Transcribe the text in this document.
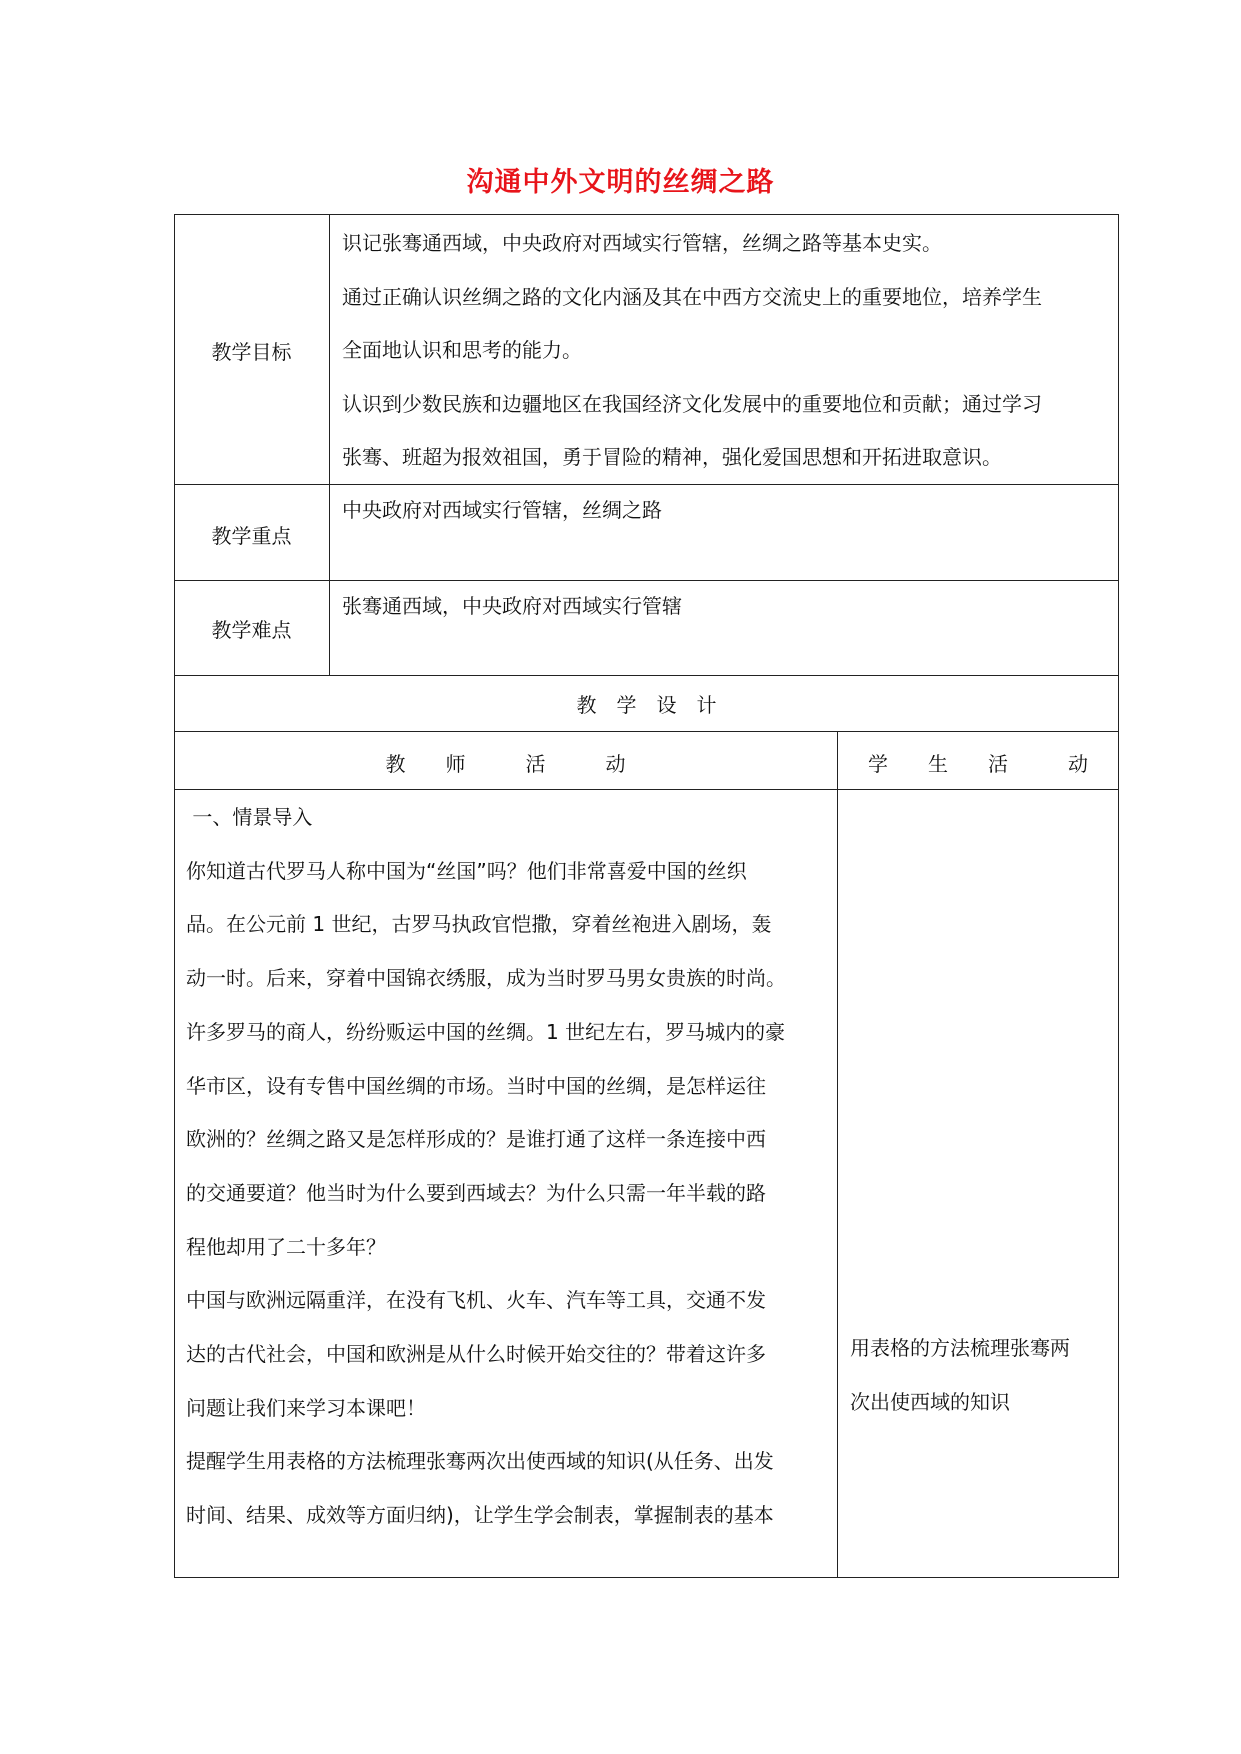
沟通中外文明的丝绸之路
教学目标
识记张骞通西域，中央政府对西域实行管辖，丝绸之路等基本史实。
通过正确认识丝绸之路的文化内涵及其在中西方交流史上的重要地位，培养学生
全面地认识和思考的能力。
认识到少数民族和边疆地区在我国经济文化发展中的重要地位和贡献；通过学习
张骞、班超为报效祖国，勇于冒险的精神，强化爱国思想和开拓进取意识。
教学重点
中央政府对西域实行管辖，丝绸之路
教学难点
张骞通西域，中央政府对西域实行管辖
教　学　设　计
教　　师　　　活　　　动	学　　生　　活　　　动
一、情景导入
你知道古代罗马人称中国为“丝国”吗？他们非常喜爱中国的丝织
品。在公元前 1 世纪，古罗马执政官恺撒，穿着丝袍进入剧场，轰
动一时。后来，穿着中国锦衣绣服，成为当时罗马男女贵族的时尚。
许多罗马的商人，纷纷贩运中国的丝绸。1 世纪左右，罗马城内的豪
华市区，设有专售中国丝绸的市场。当时中国的丝绸，是怎样运往
欧洲的？丝绸之路又是怎样形成的？是谁打通了这样一条连接中西
的交通要道？他当时为什么要到西域去？为什么只需一年半载的路
程他却用了二十多年？
中国与欧洲远隔重洋，在没有飞机、火车、汽车等工具，交通不发
达的古代社会，中国和欧洲是从什么时候开始交往的？带着这许多
问题让我们来学习本课吧！
提醒学生用表格的方法梳理张骞两次出使西域的知识(从任务、出发
时间、结果、成效等方面归纳)，让学生学会制表，掌握制表的基本
用表格的方法梳理张骞两
次出使西域的知识
